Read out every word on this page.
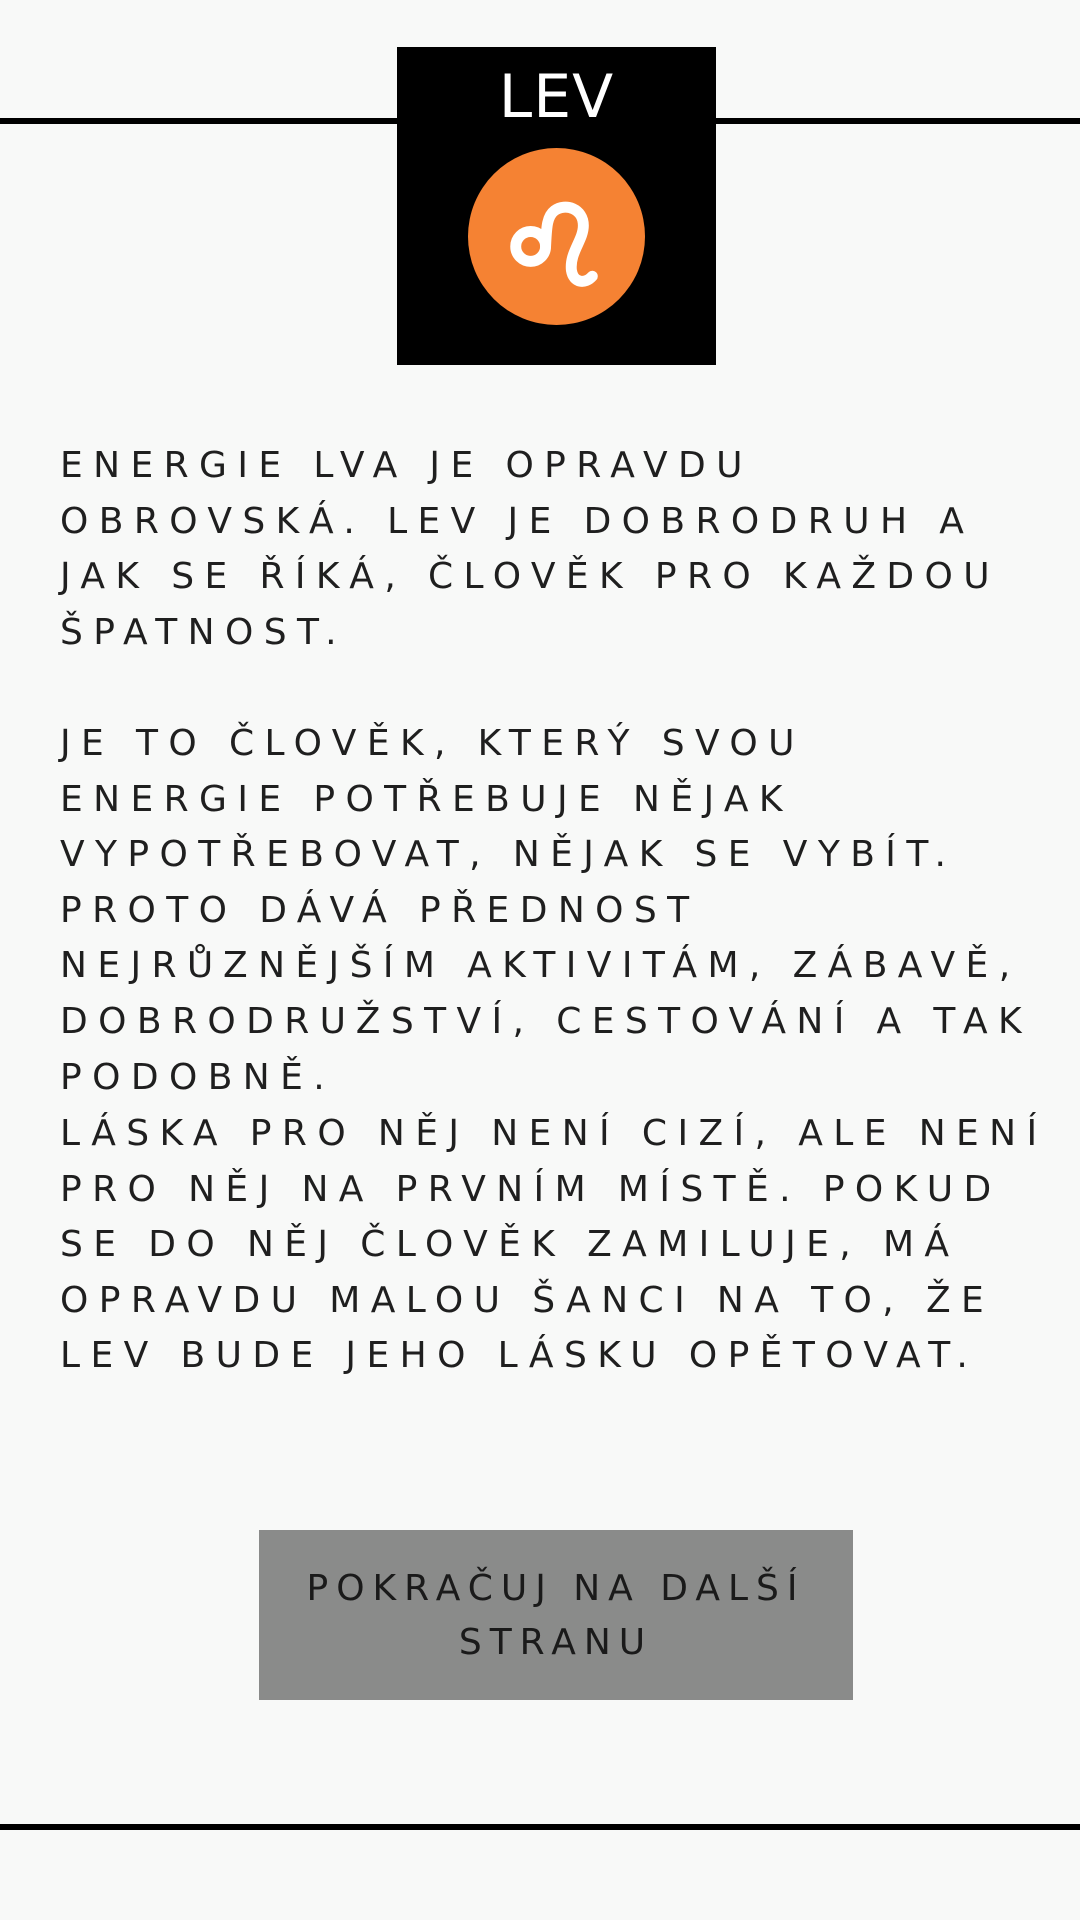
LEV

ENERGIE LVA JE OPRAVDU OBROVSKÁ. LEV JE DOBRODRUH A JAK SE ŘÍKÁ, ČLOVĚK PRO KAŽDOU ŠPATNOST.

JE TO ČLOVĚK, KTERÝ SVOU ENERGIE POTŘEBUJE NĚJAK VYPOTŘEBOVAT, NĚJAK SE VYBÍT. PROTO DÁVÁ PŘEDNOST NEJRŮZNĚJŠÍM AKTIVITÁM, ZÁBAVĚ, DOBRODRUŽSTVÍ, CESTOVÁNÍ A TAK PODOBNĚ.

LÁSKA PRO NĚJ NENÍ CIZÍ, ALE NENÍ PRO NĚJ NA PRVNÍM MÍSTĚ. POKUD SE DO NĚJ ČLOVĚK ZAMILUJE, MÁ OPRAVDU MALOU ŠANCI NA TO, ŽE LEV BUDE JEHO LÁSKU OPĚTOVAT.

POKRAČUJ NA DALŠÍ STRANU
